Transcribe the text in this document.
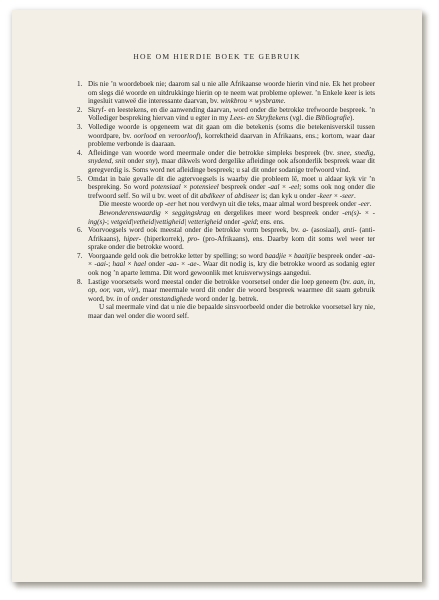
HOE OM HIERDIE BOEK TE GEBRUIK
1. Dis nie ’n woordeboek nie; daarom sal u nie alle Afrikaanse woorde hierin vind nie. Ek het probeer om slegs dié woorde en uitdrukkinge hierin op te neem wat probleme oplewer. ’n Enkele keer is iets ingesluit vanweë die interessante daarvan, bv. winkbrou × wysbrame.
2. Skryf- en leestekens, en die aanwending daarvan, word onder die betrokke trefwoorde bespreek. ’n Vollediger bespreking hiervan vind u egter in my Lees- en Skryftekens (vgl. die Bibliografie).
3. Volledige woorde is opgeneem wat dit gaan om die betekenis (soms die betekenisverskil tussen woordpare, bv. oorlood en veroorloof), korrektheid daarvan in Afrikaans, ens.; kortom, waar daar probleme verbonde is daaraan.
4. Afleidinge van woorde word meermale onder die betrokke simpleks bespreek (bv. snee, snedig, snydend, snit onder sny), maar dikwels word dergelike afleidinge ook afsonderlik bespreek waar dit geregverdig is. Soms word net afleidinge bespreek; u sal dit onder sodanige trefwoord vind.
5. Omdat in baie gevalle dit die agtervoegsels is waarby die probleem lê, moet u aldaar kyk vir ’n bespreking. So word potensiaal × potensieel bespreek onder -aal × -eel; soms ook nog onder die trefwoord self. So wil u bv. weet of dit abdikeer of abdiseer is; dan kyk u onder -keer × -seer.

Die meeste woorde op -eer het nou verdwyn uit die teks, maar almal word bespreek onder -eer.

Bewonderenswaardig × seggingskrag en dergelikes meer word bespreek onder -en(s)- × -ing(s)-; vetgeid|vetheid|vettigheid| vetterigheid onder -geid; ens. ens.

6. Voorvoegsels word ook meestal onder die betrokke vorm bespreek, bv. a- (asosiaal), anti- (anti-Afrikaans), hiper- (hiperkorrek), pro- (pro-Afrikaans), ens. Daarby kom dit soms wel weer ter sprake onder die betrokke woord.
7. Voorgaande geld ook die betrokke letter by spelling; so word baadjie × baaitjie bespreek onder -aa- × -aai-; haal × hael onder -aa- × -ae-. Waar dit nodig is, kry die betrokke woord as sodanig egter ook nog ’n aparte lemma. Dit word gewoonlik met kruisverwysings aangedui.
8. Lastige voorsetsels word meestal onder die betrokke voorsetsel onder die loep geneem (bv. aan, in, op, oor, van, vir), maar meermale word dit onder die woord bespreek waarmee dit saam gebruik word, bv. in of onder omstandighede word onder lg. betrek.

U sal meermale vind dat u nie die bepaalde sinsvoorbeeld onder die betrokke voorsetsel kry nie, maar dan wel onder die woord self.
